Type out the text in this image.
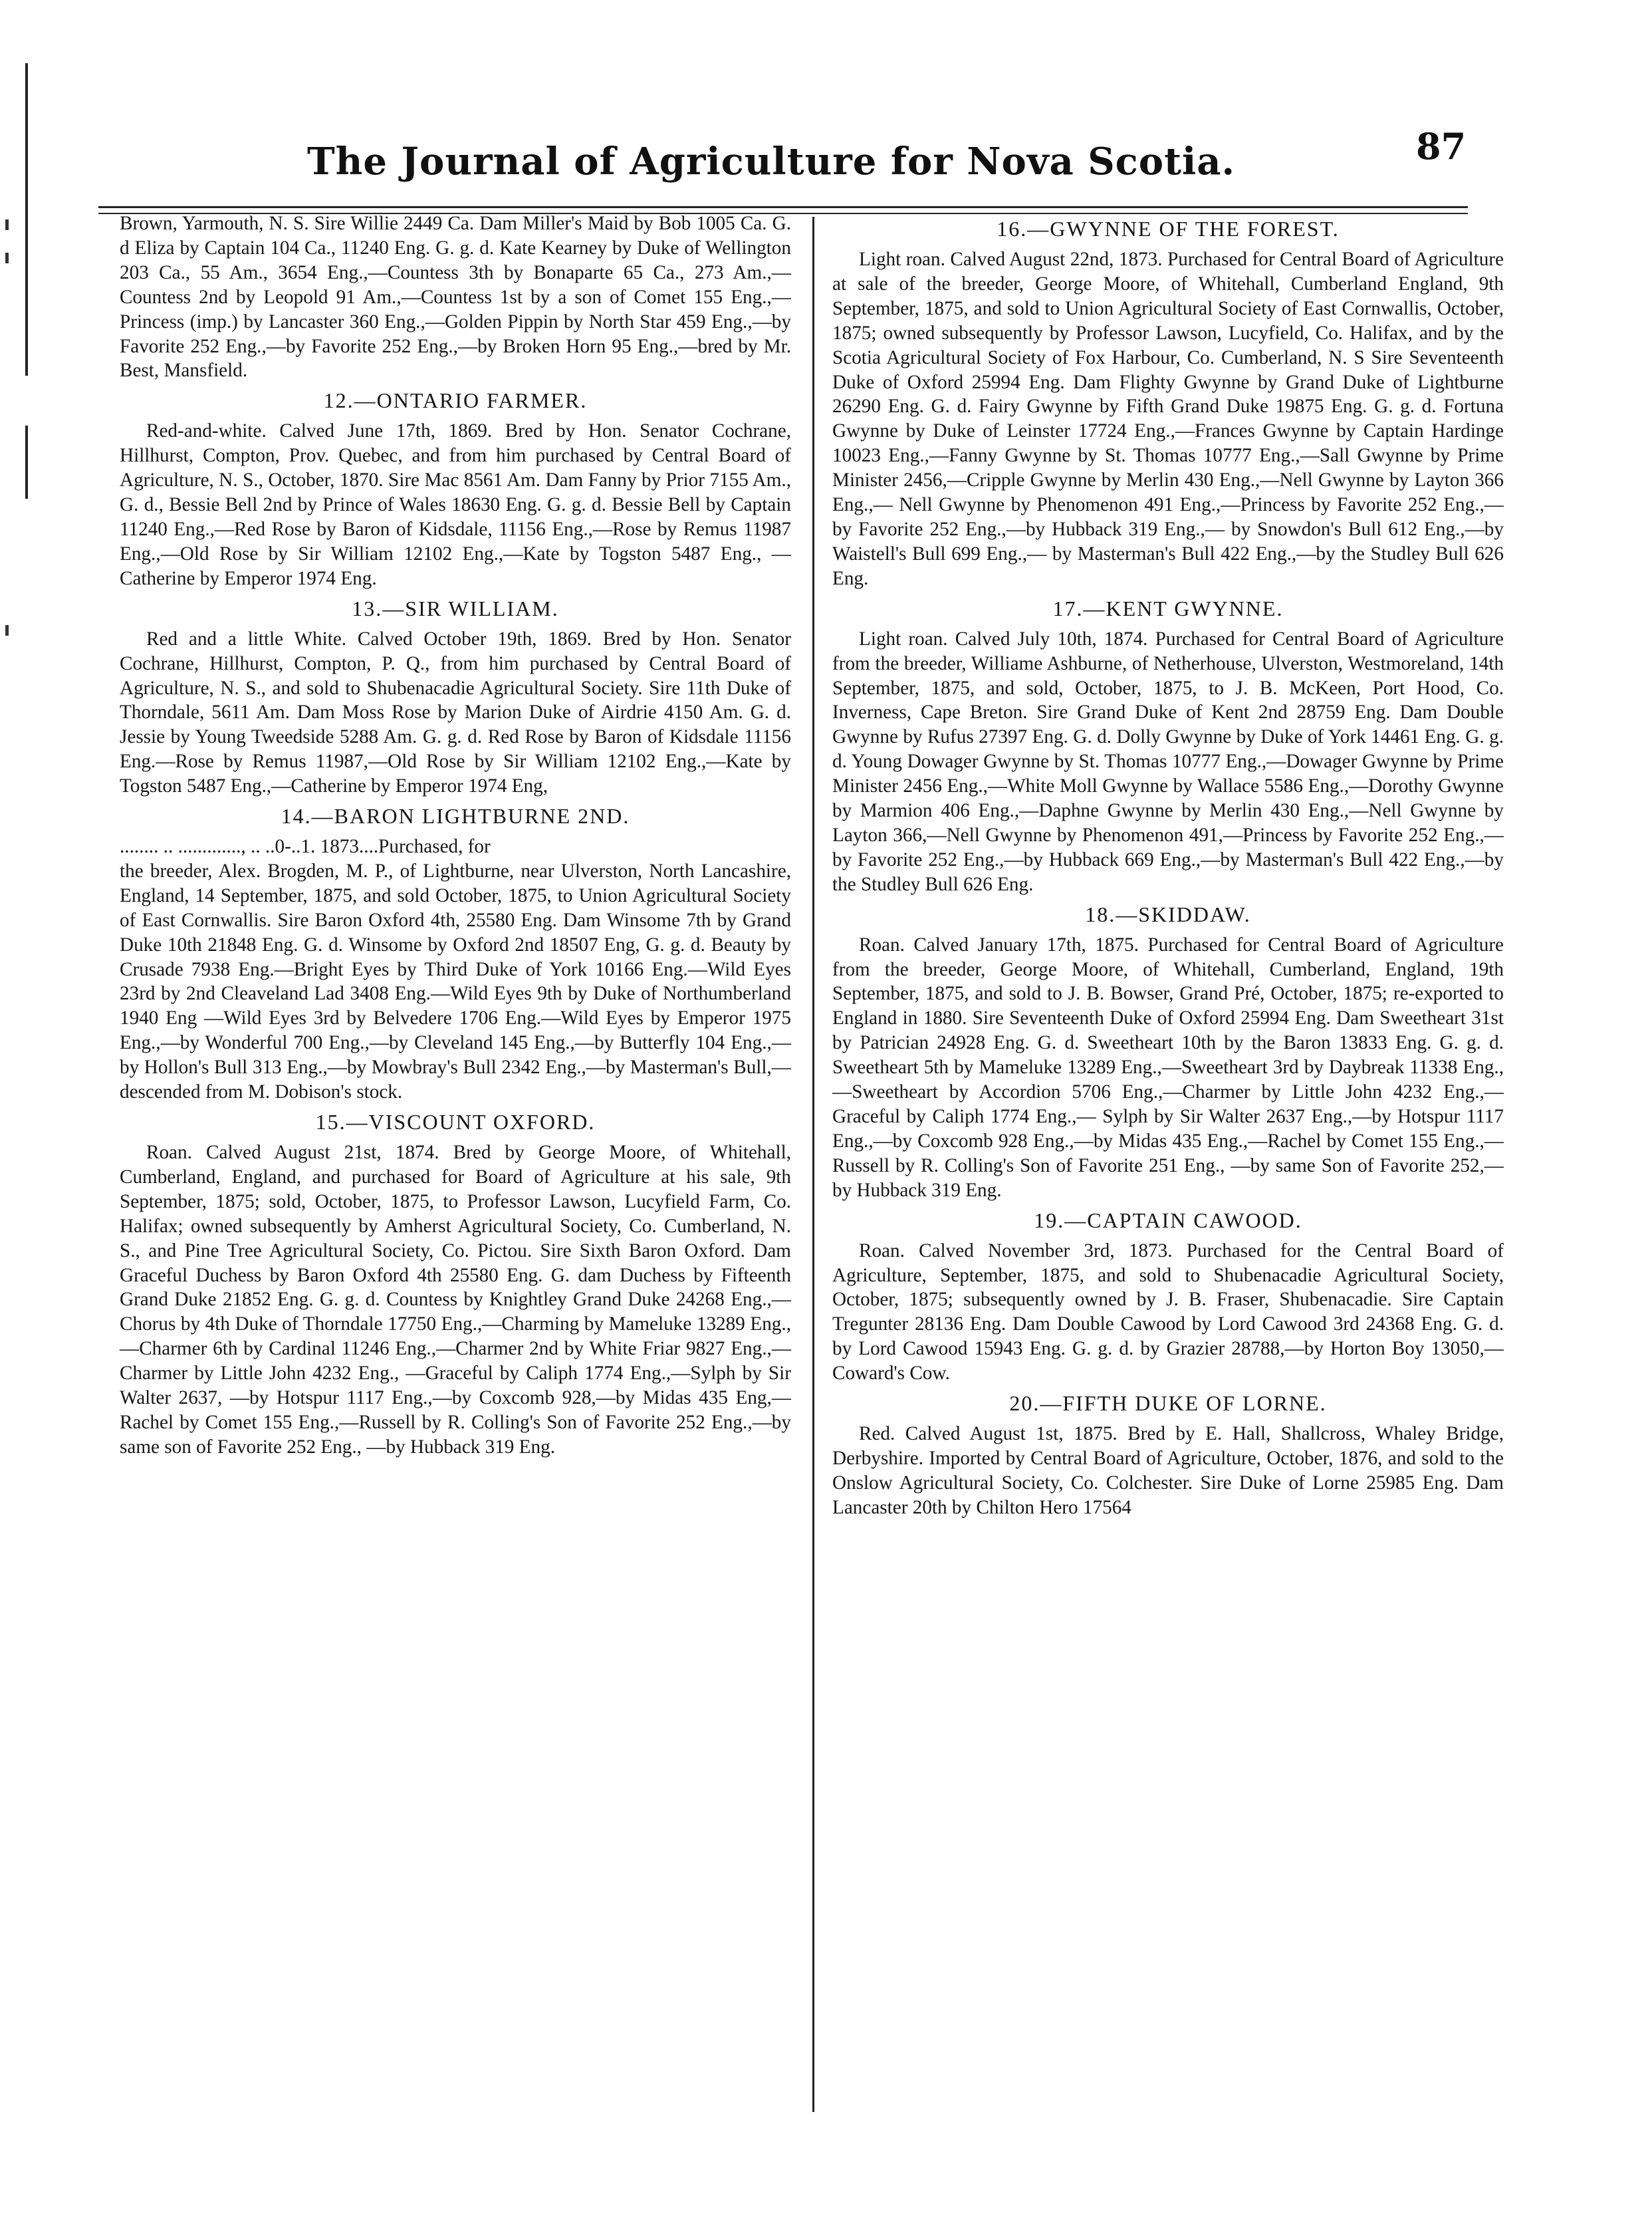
The Journal of Agriculture for Nova Scotia.	87

Brown, Yarmouth, N. S. Sire Willie 2449 Ca. Dam Miller's Maid by Bob 1005 Ca. G. d Eliza by Captain 104 Ca., 11240 Eng. G. g. d. Kate Kearney by Duke of Wellington 203 Ca., 55 Am., 3654 Eng.,—Countess 3th by Bonaparte 65 Ca., 273 Am.,—Countess 2nd by Leopold 91 Am.,—Countess 1st by a son of Comet 155 Eng.,—Princess (imp.) by Lancaster 360 Eng.,—Golden Pippin by North Star 459 Eng.,—by Favorite 252 Eng.,—by Favorite 252 Eng.,—by Broken Horn 95 Eng.,—bred by Mr. Best, Mansfield.

12.—ONTARIO FARMER.

Red-and-white. Calved June 17th, 1869. Bred by Hon. Senator Cochrane, Hillhurst, Compton, Prov. Quebec, and from him purchased by Central Board of Agriculture, N. S., October, 1870. Sire Mac 8561 Am. Dam Fanny by Prior 7155 Am., G. d., Bessie Bell 2nd by Prince of Wales 18630 Eng. G. g. d. Bessie Bell by Captain 11240 Eng.,—Red Rose by Baron of Kidsdale, 11156 Eng.,—Rose by Remus 11987 Eng.,—Old Rose by Sir William 12102 Eng.,—Kate by Togston 5487 Eng., —Catherine by Emperor 1974 Eng.

13.—SIR WILLIAM.

Red and a little White. Calved October 19th, 1869. Bred by Hon. Senator Cochrane, Hillhurst, Compton, P. Q., from him purchased by Central Board of Agriculture, N. S., and sold to Shubenacadie Agricultural Society. Sire 11th Duke of Thorndale, 5611 Am. Dam Moss Rose by Marion Duke of Airdrie 4150 Am. G. d. Jessie by Young Tweedside 5288 Am. G. g. d. Red Rose by Baron of Kidsdale 11156 Eng.—Rose by Remus 11987,—Old Rose by Sir William 12102 Eng.,—Kate by Togston 5487 Eng.,—Catherine by Emperor 1974 Eng,

14.—BARON LIGHTBURNE 2ND.

........ .. ............., .. ..0-..1. 1873....Purchased, for

the breeder, Alex. Brogden, M. P., of Lightburne, near Ulverston, North Lancashire, England, 14 September, 1875, and sold October, 1875, to Union Agricultural Society of East Cornwallis. Sire Baron Oxford 4th, 25580 Eng. Dam Winsome 7th by Grand Duke 10th 21848 Eng. G. d. Winsome by Oxford 2nd 18507 Eng, G. g. d. Beauty by Crusade 7938 Eng.—Bright Eyes by Third Duke of York 10166 Eng.—Wild Eyes 23rd by 2nd Cleaveland Lad 3408 Eng.—Wild Eyes 9th by Duke of Northumberland 1940 Eng —Wild Eyes 3rd by Belvedere 1706 Eng.—Wild Eyes by Emperor 1975 Eng.,—by Wonderful 700 Eng.,—by Cleveland 145 Eng.,—by Butterfly 104 Eng.,—by Hollon's Bull 313 Eng.,—by Mowbray's Bull 2342 Eng.,—by Masterman's Bull,—descended from M. Dobison's stock.

15.—VISCOUNT OXFORD.

Roan. Calved August 21st, 1874. Bred by George Moore, of Whitehall, Cumberland, England, and purchased for Board of Agriculture at his sale, 9th September, 1875; sold, October, 1875, to Professor Lawson, Lucyfield Farm, Co. Halifax; owned subsequently by Amherst Agricultural Society, Co. Cumberland, N. S., and Pine Tree Agricultural Society, Co. Pictou. Sire Sixth Baron Oxford. Dam Graceful Duchess by Baron Oxford 4th 25580 Eng. G. dam Duchess by Fifteenth Grand Duke 21852 Eng. G. g. d. Countess by Knightley Grand Duke 24268 Eng.,—Chorus by 4th Duke of Thorndale 17750 Eng.,—Charming by Mameluke 13289 Eng., —Charmer 6th by Cardinal 11246 Eng.,—Charmer 2nd by White Friar 9827 Eng.,—Charmer by Little John 4232 Eng., —Graceful by Caliph 1774 Eng.,—Sylph by Sir Walter 2637, —by Hotspur 1117 Eng.,—by Coxcomb 928,—by Midas 435 Eng,—Rachel by Comet 155 Eng.,—Russell by R. Colling's Son of Favorite 252 Eng.,—by same son of Favorite 252 Eng., —by Hubback 319 Eng.

16.—GWYNNE OF THE FOREST.

Light roan. Calved August 22nd, 1873. Purchased for Central Board of Agriculture at sale of the breeder, George Moore, of Whitehall, Cumberland England, 9th September, 1875, and sold to Union Agricultural Society of East Cornwallis, October, 1875; owned subsequently by Professor Lawson, Lucyfield, Co. Halifax, and by the Scotia Agricultural Society of Fox Harbour, Co. Cumberland, N. S Sire Seventeenth Duke of Oxford 25994 Eng. Dam Flighty Gwynne by Grand Duke of Lightburne 26290 Eng. G. d. Fairy Gwynne by Fifth Grand Duke 19875 Eng. G. g. d. Fortuna Gwynne by Duke of Leinster 17724 Eng.,—Frances Gwynne by Captain Hardinge 10023 Eng.,—Fanny Gwynne by St. Thomas 10777 Eng.,—Sall Gwynne by Prime Minister 2456,—Cripple Gwynne by Merlin 430 Eng.,—Nell Gwynne by Layton 366 Eng.,— Nell Gwynne by Phenomenon 491 Eng.,—Princess by Favorite 252 Eng.,—by Favorite 252 Eng.,—by Hubback 319 Eng.,— by Snowdon's Bull 612 Eng.,—by Waistell's Bull 699 Eng.,— by Masterman's Bull 422 Eng.,—by the Studley Bull 626 Eng.

17.—KENT GWYNNE.

Light roan. Calved July 10th, 1874. Purchased for Central Board of Agriculture from the breeder, Williame Ashburne, of Netherhouse, Ulverston, Westmoreland, 14th September, 1875, and sold, October, 1875, to J. B. McKeen, Port Hood, Co. Inverness, Cape Breton. Sire Grand Duke of Kent 2nd 28759 Eng. Dam Double Gwynne by Rufus 27397 Eng. G. d. Dolly Gwynne by Duke of York 14461 Eng. G. g. d. Young Dowager Gwynne by St. Thomas 10777 Eng.,—Dowager Gwynne by Prime Minister 2456 Eng.,—White Moll Gwynne by Wallace 5586 Eng.,—Dorothy Gwynne by Marmion 406 Eng.,—Daphne Gwynne by Merlin 430 Eng.,—Nell Gwynne by Layton 366,—Nell Gwynne by Phenomenon 491,—Princess by Favorite 252 Eng.,—by Favorite 252 Eng.,—by Hubback 669 Eng.,—by Masterman's Bull 422 Eng.,—by the Studley Bull 626 Eng.

18.—SKIDDAW.

Roan. Calved January 17th, 1875. Purchased for Central Board of Agriculture from the breeder, George Moore, of Whitehall, Cumberland, England, 19th September, 1875, and sold to J. B. Bowser, Grand Pré, October, 1875; re-exported to England in 1880. Sire Seventeenth Duke of Oxford 25994 Eng. Dam Sweetheart 31st by Patrician 24928 Eng. G. d. Sweetheart 10th by the Baron 13833 Eng. G. g. d. Sweetheart 5th by Mameluke 13289 Eng.,—Sweetheart 3rd by Daybreak 11338 Eng.,—Sweetheart by Accordion 5706 Eng.,—Charmer by Little John 4232 Eng.,—Graceful by Caliph 1774 Eng.,— Sylph by Sir Walter 2637 Eng.,—by Hotspur 1117 Eng.,—by Coxcomb 928 Eng.,—by Midas 435 Eng.,—Rachel by Comet 155 Eng.,—Russell by R. Colling's Son of Favorite 251 Eng., —by same Son of Favorite 252,—by Hubback 319 Eng.

19.—CAPTAIN CAWOOD.

Roan. Calved November 3rd, 1873. Purchased for the Central Board of Agriculture, September, 1875, and sold to Shubenacadie Agricultural Society, October, 1875; subsequently owned by J. B. Fraser, Shubenacadie. Sire Captain Tregunter 28136 Eng. Dam Double Cawood by Lord Cawood 3rd 24368 Eng. G. d. by Lord Cawood 15943 Eng. G. g. d. by Grazier 28788,—by Horton Boy 13050,—Coward's Cow.

20.—FIFTH DUKE OF LORNE.

Red. Calved August 1st, 1875. Bred by E. Hall, Shallcross, Whaley Bridge, Derbyshire. Imported by Central Board of Agriculture, October, 1876, and sold to the Onslow Agricultural Society, Co. Colchester. Sire Duke of Lorne 25985 Eng. Dam Lancaster 20th by Chilton Hero 17564
